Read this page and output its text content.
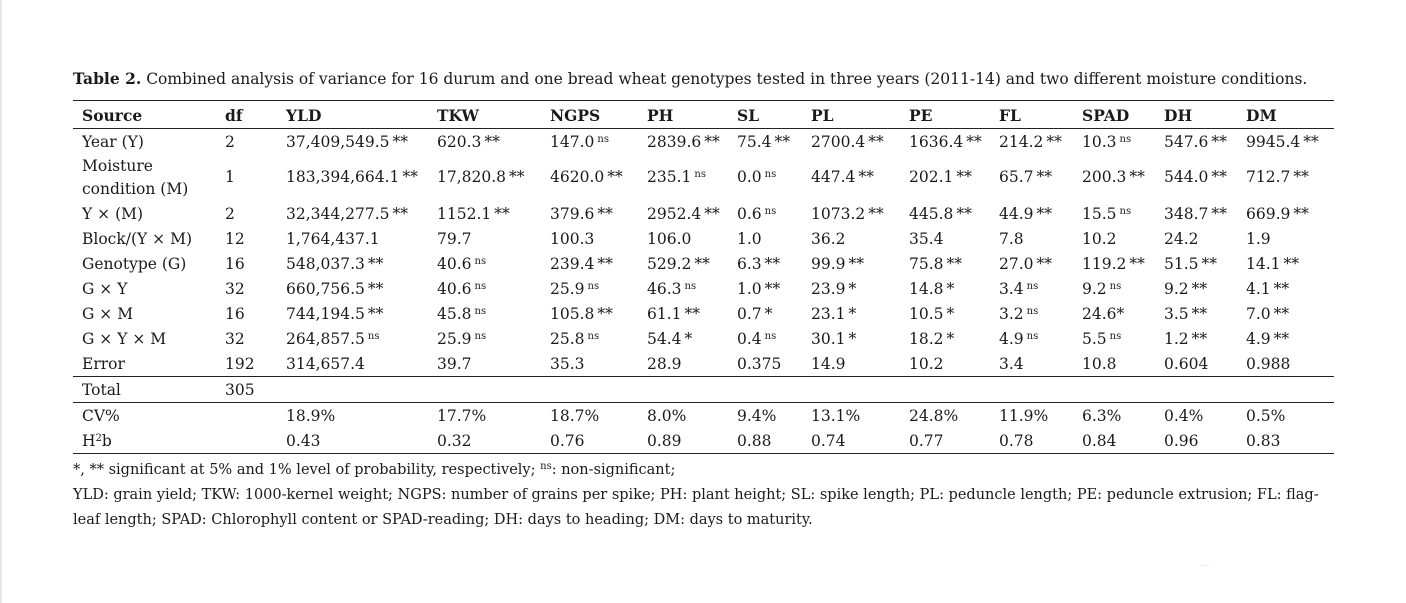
Table 2. Combined analysis of variance for 16 durum and one bread wheat genotypes tested in three years (2011-14) and two different moisture conditions.

Source	df	YLD	TKW	NGPS	PH	SL	PL	PE	FL	SPAD	DH	DM
Year (Y)	2	37,409,549.5 **	620.3 **	147.0 $^{ns}$	2839.6 **	75.4 **	2700.4 **	1636.4 **	214.2 **	10.3 $^{ns}$	547.6 **	9945.4 **
Moisture condition (M)	1	183,394,664.1 **	17,820.8 **	4620.0 **	235.1 $^{ns}$	0.0 $^{ns}$	447.4 **	202.1 **	65.7 **	200.3 **	544.0 **	712.7 **
Y × (M)	2	32,344,277.5 **	1152.1 **	379.6 **	2952.4 **	0.6 $^{ns}$	1073.2 **	445.8 **	44.9 **	15.5 $^{ns}$	348.7 **	669.9 **
Block/(Y × M)	12	1,764,437.1	79.7	100.3	106.0	1.0	36.2	35.4	7.8	10.2	24.2	1.9
Genotype (G)	16	548,037.3 **	40.6 $^{ns}$	239.4 **	529.2 **	6.3 **	99.9 **	75.8 **	27.0 **	119.2 **	51.5 **	14.1 **
G × Y	32	660,756.5 **	40.6 $^{ns}$	25.9 $^{ns}$	46.3 $^{ns}$	1.0 **	23.9 *	14.8 *	3.4 $^{ns}$	9.2 $^{ns}$	9.2 **	4.1 **
G × M	16	744,194.5 **	45.8 $^{ns}$	105.8 **	61.1 **	0.7 *	23.1 *	10.5 *	3.2 $^{ns}$	24.6*	3.5 **	7.0 **
G × Y × M	32	264,857.5 $^{ns}$	25.9 $^{ns}$	25.8 $^{ns}$	54.4 *	0.4 $^{ns}$	30.1 *	18.2 *	4.9 $^{ns}$	5.5 $^{ns}$	1.2 **	4.9 **
Error	192	314,657.4	39.7	35.3	28.9	0.375	14.9	10.2	3.4	10.8	0.604	0.988
Total	305											
CV%		18.9%	17.7%	18.7%	8.0%	9.4%	13.1%	24.8%	11.9%	6.3%	0.4%	0.5%
$H^2b$		0.43	0.32	0.76	0.89	0.88	0.74	0.77	0.78	0.84	0.96	0.83

*, ** significant at 5% and 1% level of probability, respectively; $^{ns}$: non-significant;

YLD: grain yield; TKW: 1000-kernel weight; NGPS: number of grains per spike; PH: plant height; SL: spike length; PL: peduncle length; PE: peduncle extrusion; FL: flag-leaf length; SPAD: Chlorophyll content or SPAD-reading; DH: days to heading; DM: days to maturity.
